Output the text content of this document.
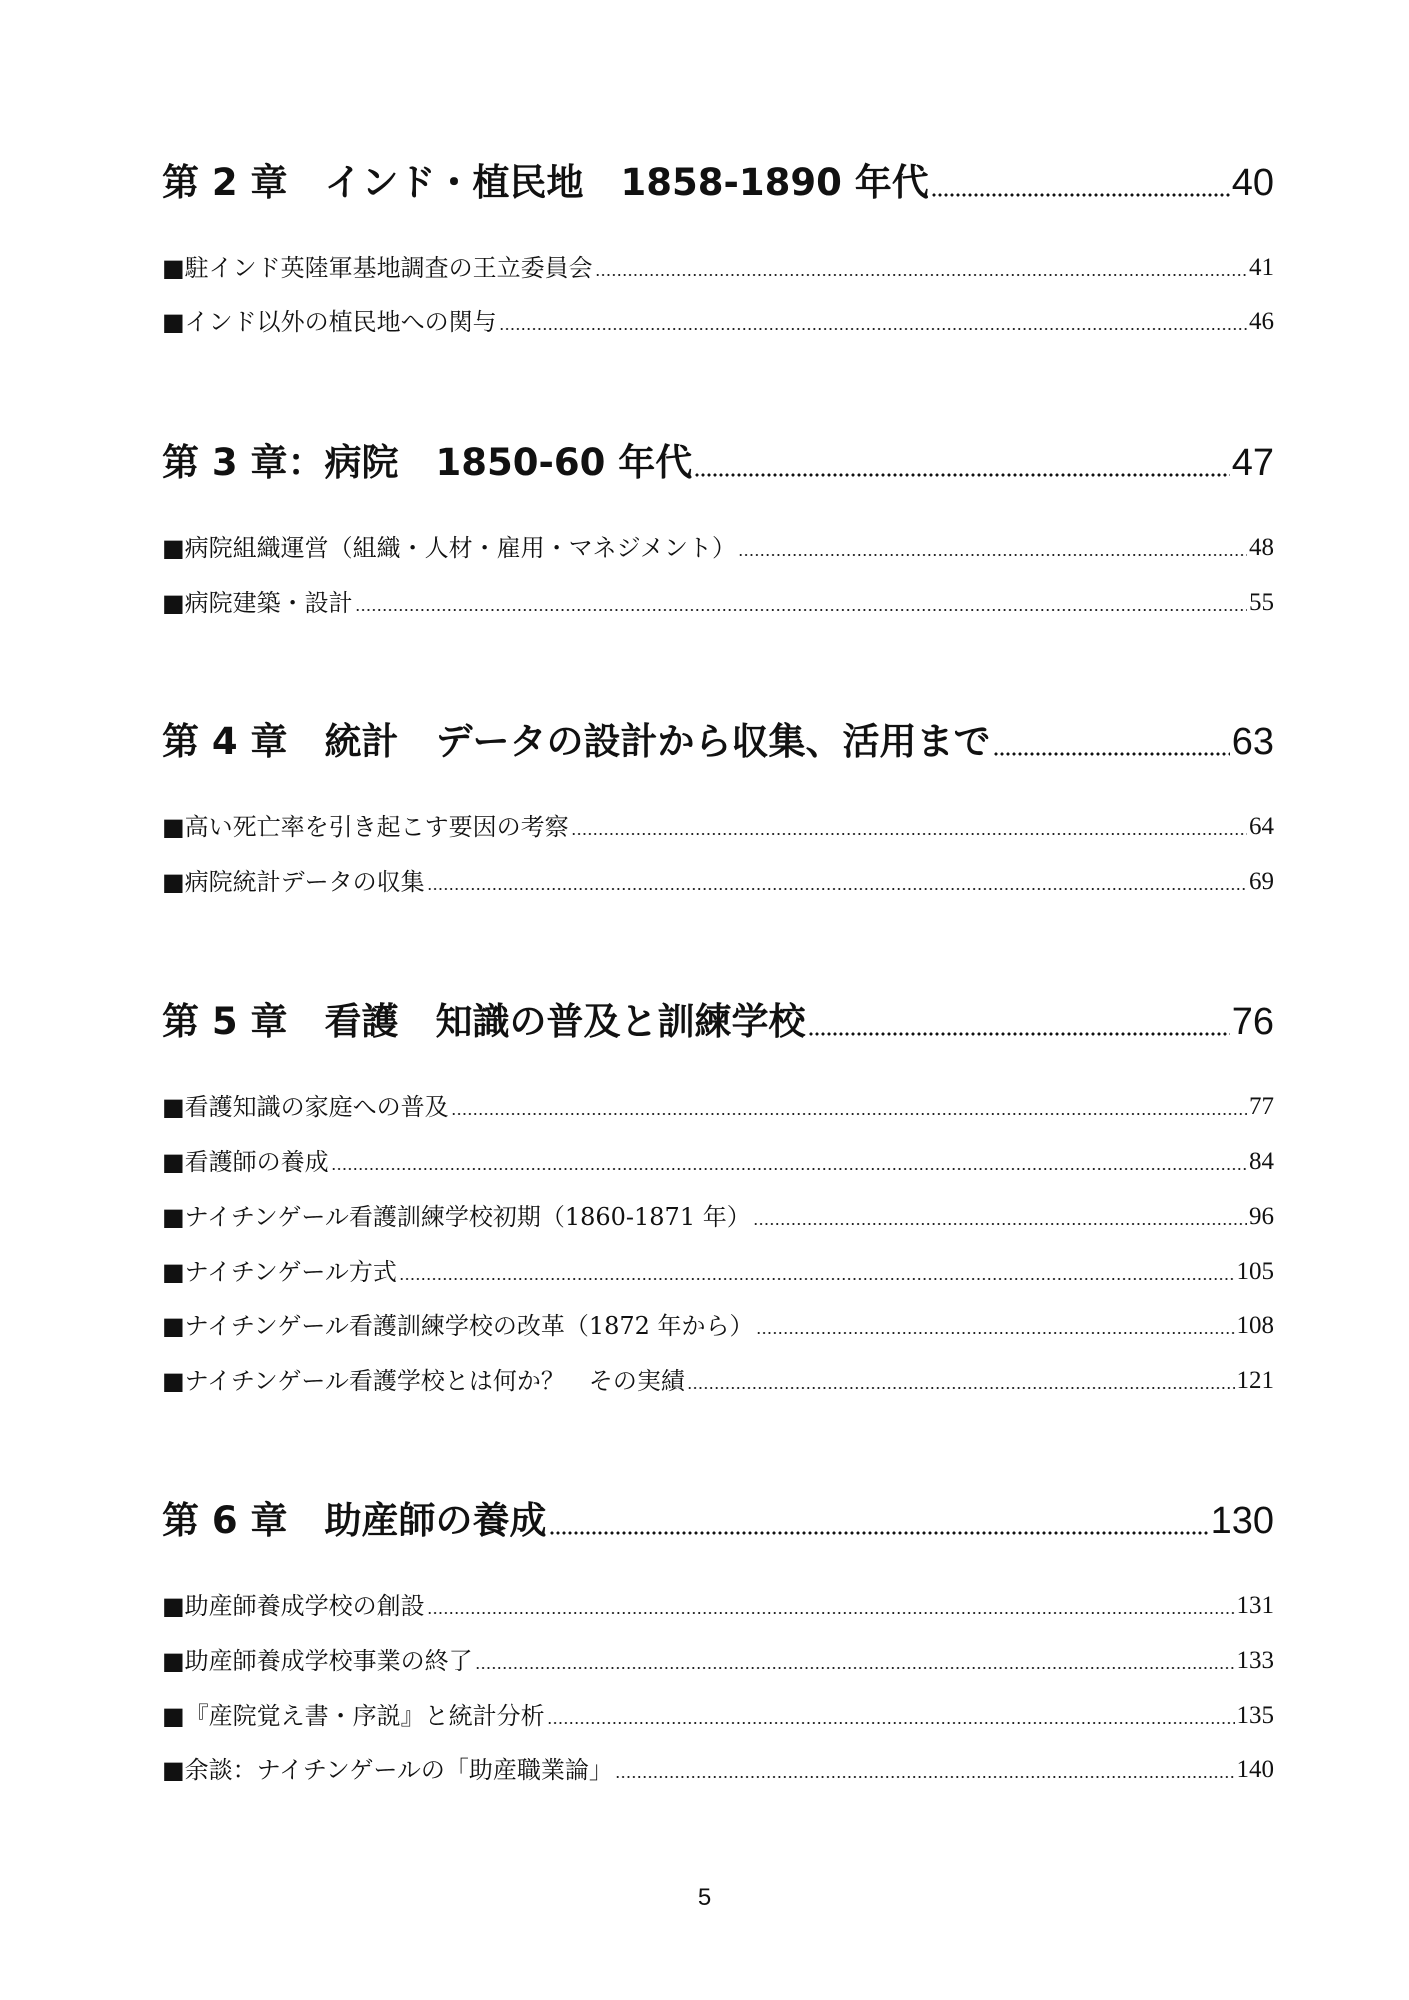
第 2 章　インド・植民地　1858-1890 年代	40
■駐インド英陸軍基地調査の王立委員会	41
■インド以外の植民地への関与	46
第 3 章：病院　1850-60 年代	47
■病院組織運営（組織・人材・雇用・マネジメント）	48
■病院建築・設計	55
第 4 章　統計　データの設計から収集、活用まで	63
■高い死亡率を引き起こす要因の考察	64
■病院統計データの収集	69
第 5 章　看護　知識の普及と訓練学校	76
■看護知識の家庭への普及	77
■看護師の養成	84
■ナイチンゲール看護訓練学校初期（1860-1871 年）	96
■ナイチンゲール方式	105
■ナイチンゲール看護訓練学校の改革（1872 年から）	108
■ナイチンゲール看護学校とは何か？　その実績	121
第 6 章　助産師の養成	130
■助産師養成学校の創設	131
■助産師養成学校事業の終了	133
■『産院覚え書・序説』と統計分析	135
■余談：ナイチンゲールの「助産職業論」	140
5
